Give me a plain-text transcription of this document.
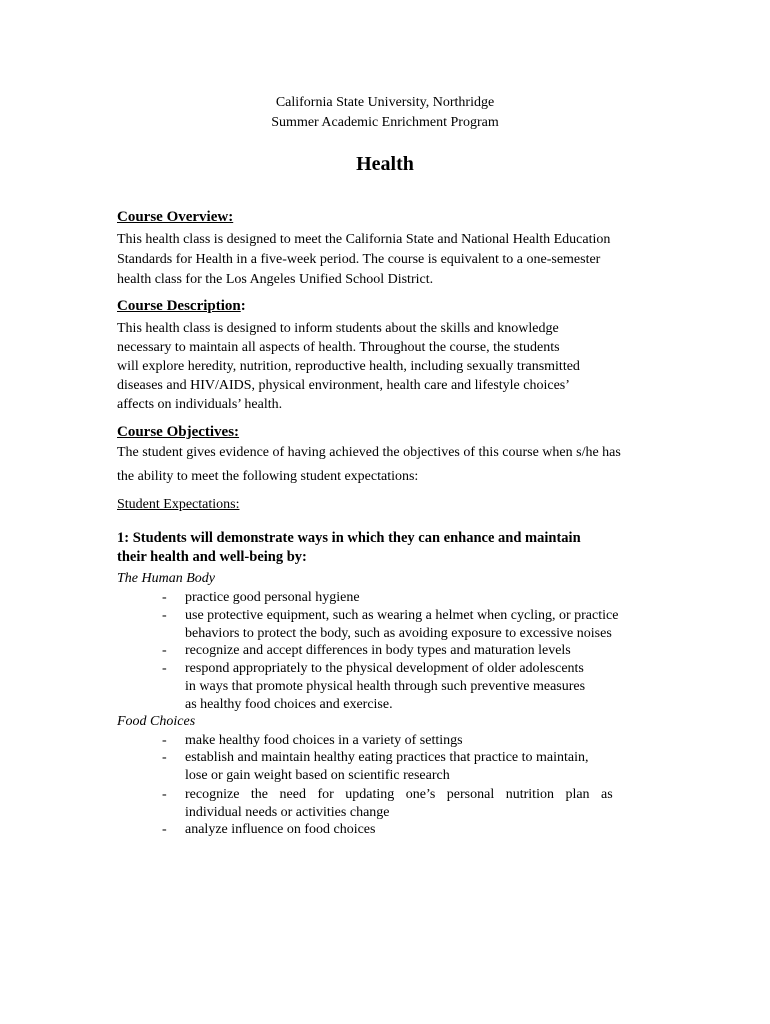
California State University, Northridge
Summer Academic Enrichment Program
Health
Course Overview:
This health class is designed to meet the California State and National Health Education
Standards for Health in a five-week period. The course is equivalent to a one-semester
health class for the Los Angeles Unified School District.
Course Description:
This health class is designed to inform students about the skills and knowledge
necessary to maintain all aspects of health. Throughout the course, the students
will explore heredity, nutrition, reproductive health, including sexually transmitted
diseases and HIV/AIDS, physical environment, health care and lifestyle choices’
affects on individuals’ health.
Course Objectives:
The student gives evidence of having achieved the objectives of this course when s/he has
the ability to meet the following student expectations:
Student Expectations:
1: Students will demonstrate ways in which they can enhance and maintain
their health and well-being by:
The Human Body
- practice good personal hygiene
- use protective equipment, such as wearing a helmet when cycling, or practice
behaviors to protect the body, such as avoiding exposure to excessive noises
- recognize and accept differences in body types and maturation levels
- respond appropriately to the physical development of older adolescents
in ways that promote physical health through such preventive measures
as healthy food choices and exercise.
Food Choices
- make healthy food choices in a variety of settings
- establish and maintain healthy eating practices that practice to maintain,
lose or gain weight based on scientific research
- recognize the need for updating one’s personal nutrition plan as
individual needs or activities change
- analyze influence on food choices
